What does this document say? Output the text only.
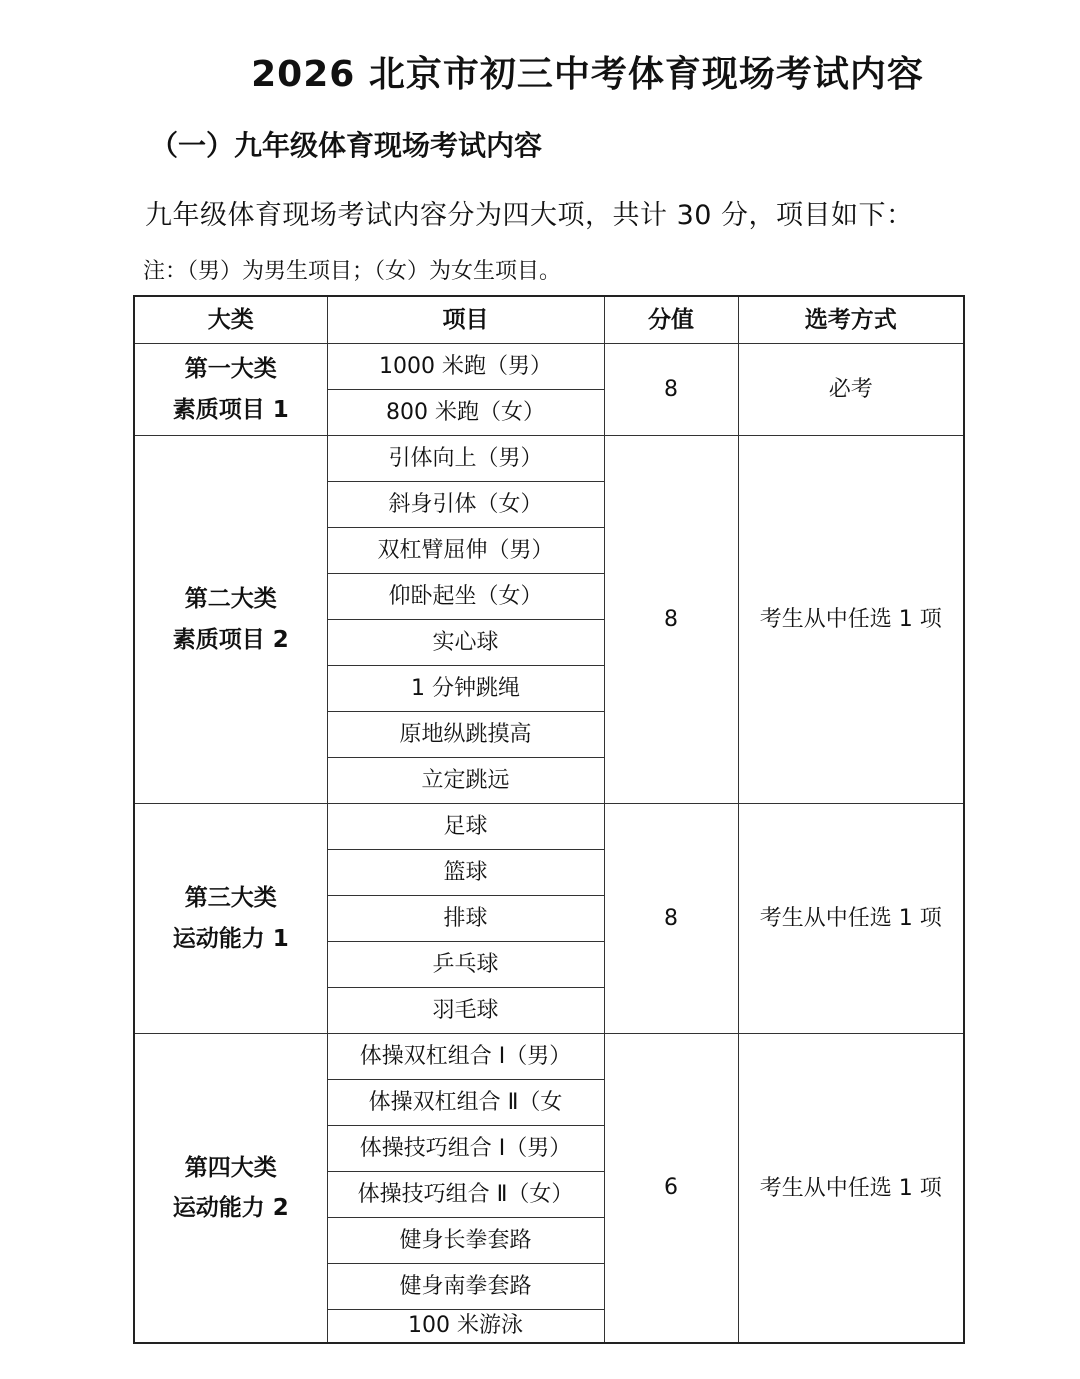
2026 北京市初三中考体育现场考试内容
（一）九年级体育现场考试内容
九年级体育现场考试内容分为四大项，共计 30 分，项目如下：
注：（男）为男生项目；（女）为女生项目。
大类	项目	分值	选考方式

第一大类
素质项目 1	1000 米跑（男）	8	必考
	800 米跑（女）		

第二大类
素质项目 2	引体向上（男）	8	考生从中任选 1 项
	斜身引体（女）		
	双杠臂屈伸（男）		
	仰卧起坐（女）		
	实心球		
	1 分钟跳绳		
	原地纵跳摸高		
	立定跳远		

第三大类
运动能力 1	足球	8	考生从中任选 1 项
	篮球		
	排球		
	乒乓球		
	羽毛球		

第四大类
运动能力 2	体操双杠组合 Ⅰ（男）	6	考生从中任选 1 项
	体操双杠组合 Ⅱ（女		
	体操技巧组合 Ⅰ（男）		
	体操技巧组合 Ⅱ（女）		
	健身长拳套路		
	健身南拳套路		
	100 米游泳		
